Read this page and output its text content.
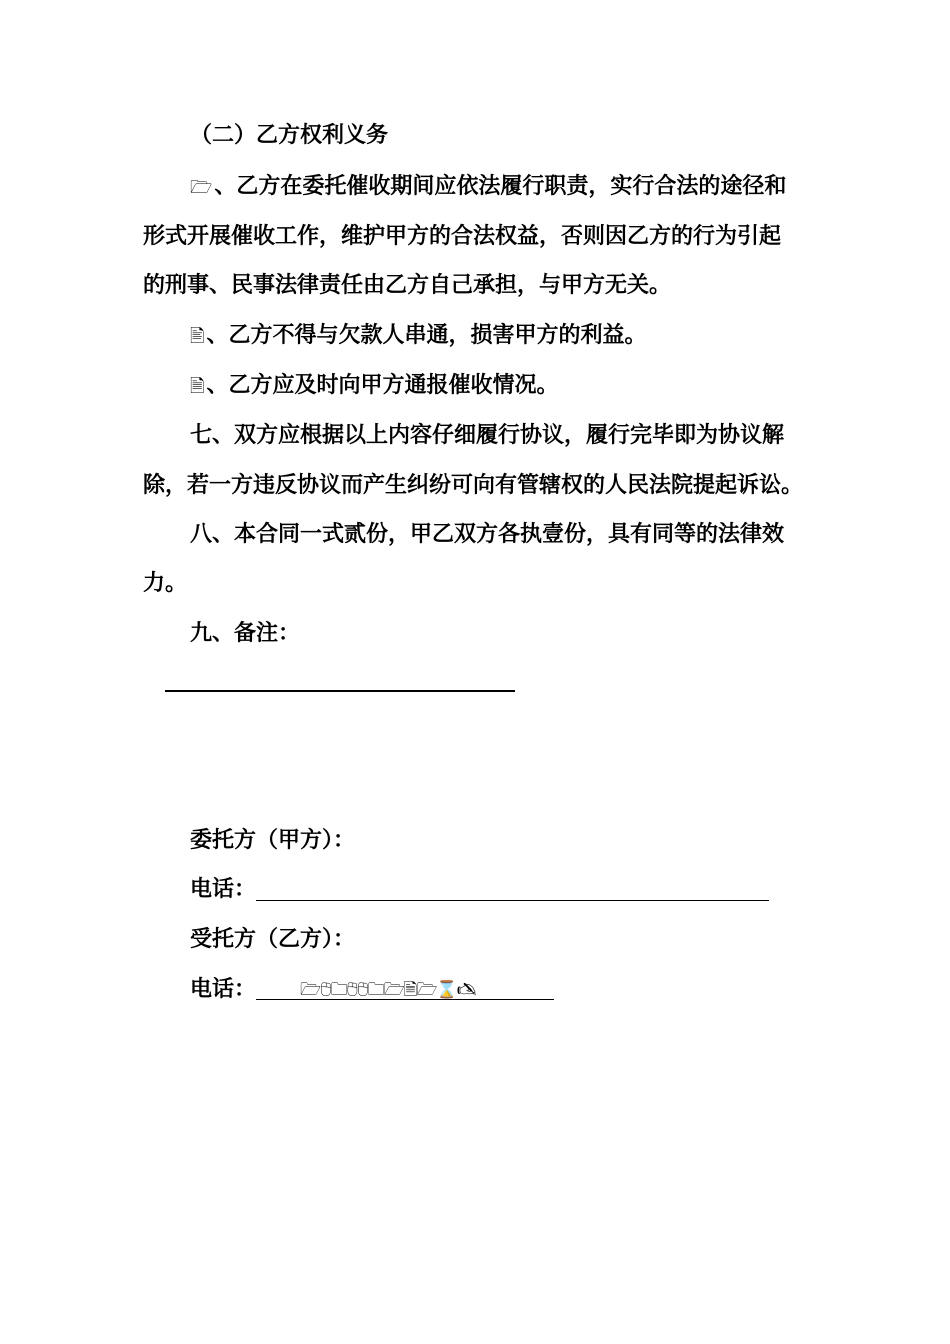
（二）乙方权利义务
🗁、乙方在委托催收期间应依法履行职责，实行合法的途径和
形式开展催收工作，维护甲方的合法权益，否则因乙方的行为引起
的刑事、民事法律责任由乙方自己承担，与甲方无关。
🖹、乙方不得与欠款人串通，损害甲方的利益。
🗎、乙方应及时向甲方通报催收情况。
七、双方应根据以上内容仔细履行协议，履行完毕即为协议解
除，若一方违反协议而产生纠纷可向有管辖权的人民法院提起诉讼。
八、本合同一式贰份，甲乙双方各执壹份，具有同等的法律效
力。
九、备注：
委托方（甲方）：
电话：
受托方（乙方）：
电话：	🗁🖰🗀🖰🖰🗀🗁🗎🗁⌛🖎
